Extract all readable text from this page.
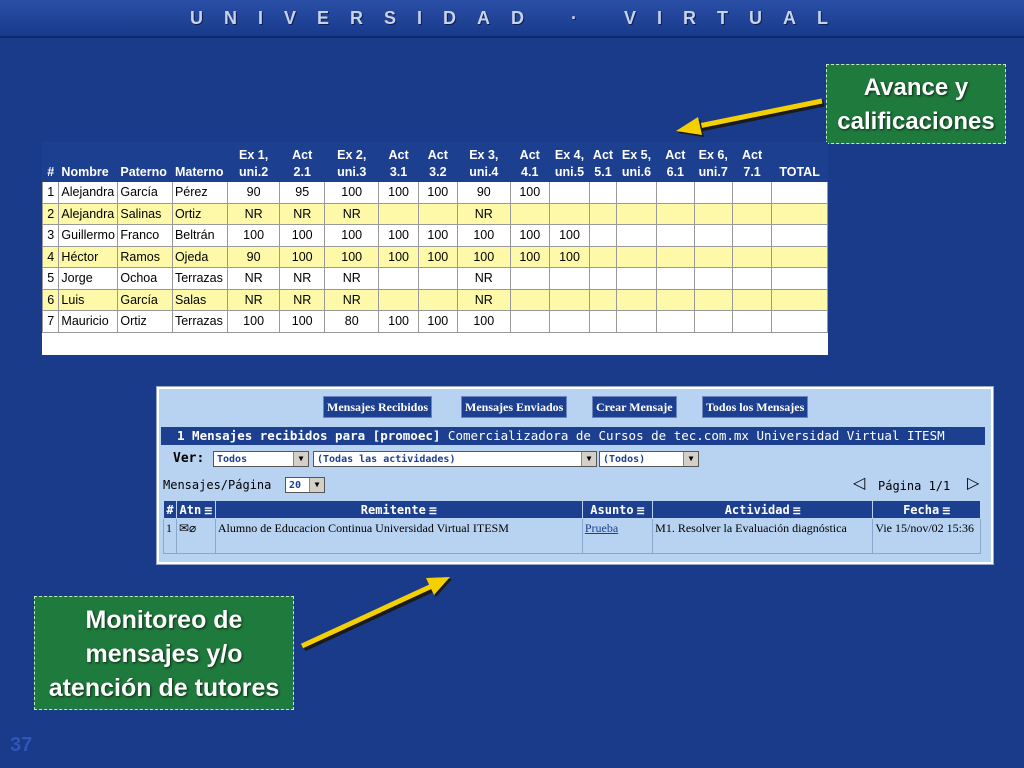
UNIVERSIDAD · VIRTUAL
Avance y calificaciones
Monitoreo de mensajes y/o atención de tutores
#	Nombre	Paterno	Materno	Ex 1, uni.2	Act 2.1	Ex 2, uni.3	Act 3.1	Act 3.2	Ex 3, uni.4	Act 4.1	Ex 4, uni.5	Act 5.1	Ex 5, uni.6	Act 6.1	Ex 6, uni.7	Act 7.1	TOTAL
1	Alejandra	García	Pérez	90	95	100	100	100	90	100							
2	Alejandra	Salinas	Ortiz	NR	NR	NR			NR								
3	Guillermo	Franco	Beltrán	100	100	100	100	100	100	100	100						
4	Héctor	Ramos	Ojeda	90	100	100	100	100	100	100	100						
5	Jorge	Ochoa	Terrazas	NR	NR	NR			NR								
6	Luis	García	Salas	NR	NR	NR			NR								
7	Mauricio	Ortiz	Terrazas	100	100	80	100	100	100								
Mensajes Recibidos	Mensajes Enviados	Crear Mensaje	Todos los Mensajes
1 Mensajes recibidos para [promoec] Comercializadora de Cursos de tec.com.mx Universidad Virtual ITESM
Ver:	Todos	▼	(Todas las actividades)	▼	(Todos)	▼
Mensajes/Página	20	▼	◁ Página 1/1 ▷
#	Atn ☰	Remitente ☰	Asunto ☰	Actividad ☰	Fecha ☰
1	✉⌀	Alumno de Educacion Continua Universidad Virtual ITESM	Prueba	M1. Resolver la Evaluación diagnóstica	Vie 15/nov/02 15:36
37
